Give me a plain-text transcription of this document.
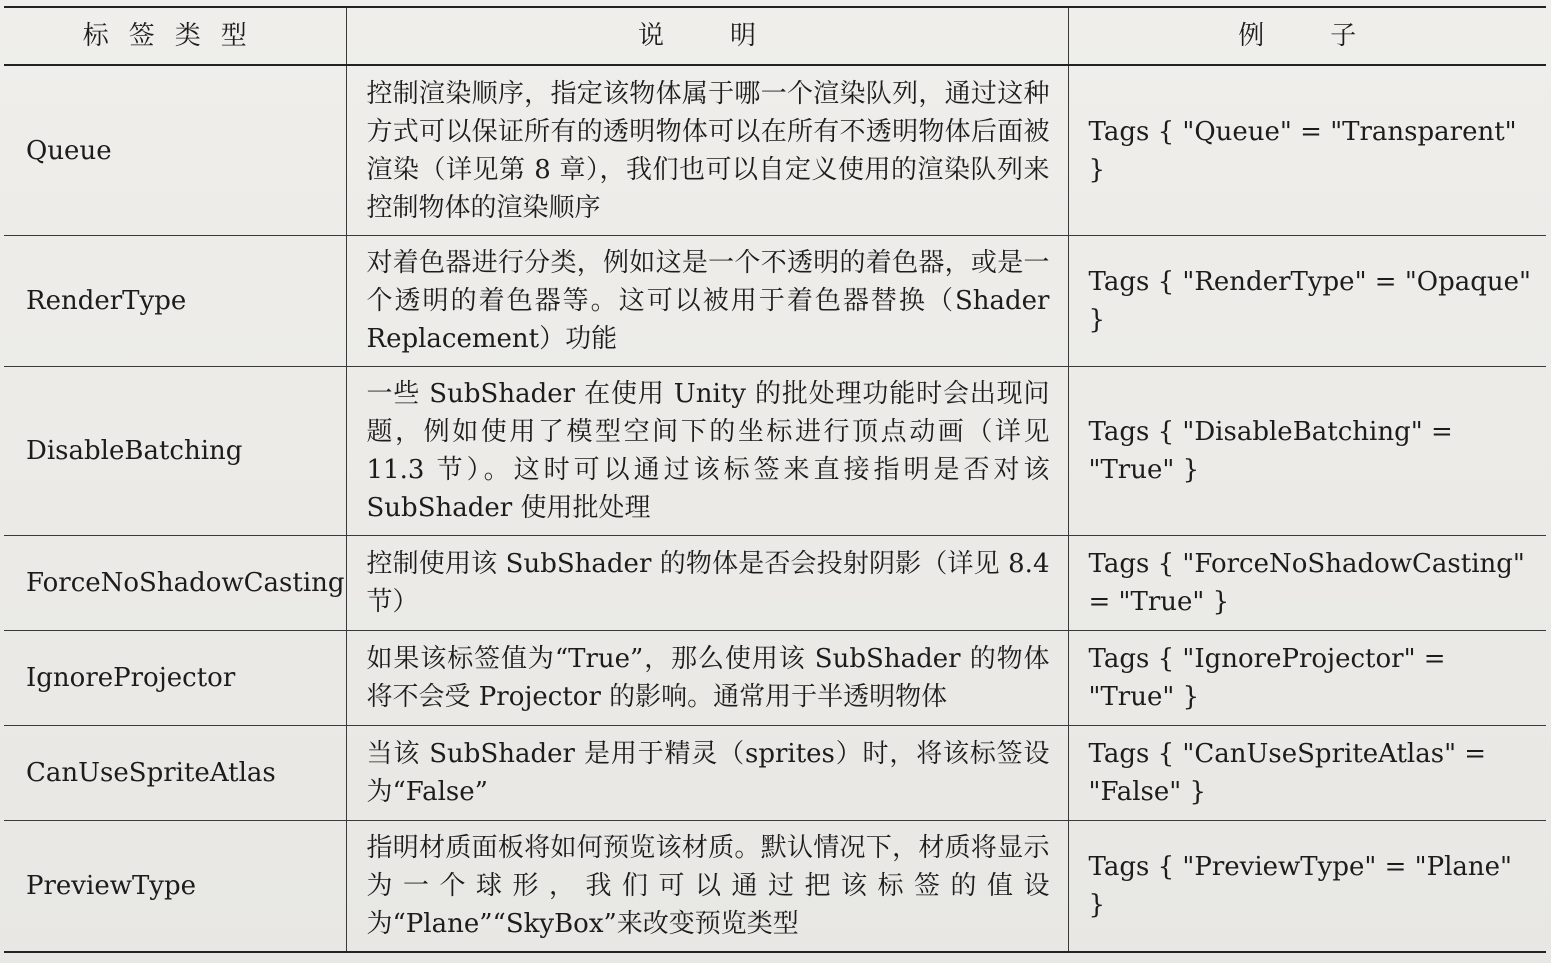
标签类型	说　明	例　子
Queue	控制渲染顺序，指定该物体属于哪一个渲染队列，通过这种方式可以保证所有的透明物体可以在所有不透明物体后面被渲染（详见第 8 章），我们也可以自定义使用的渲染队列来控制物体的渲染顺序	Tags { "Queue" = "Transparent" }
RenderType	对着色器进行分类，例如这是一个不透明的着色器，或是一个透明的着色器等。这可以被用于着色器替换（Shader Replacement）功能	Tags { "RenderType" = "Opaque" }
DisableBatching	一些 SubShader 在使用 Unity 的批处理功能时会出现问题，例如使用了模型空间下的坐标进行顶点动画（详见 11.3 节）。这时可以通过该标签来直接指明是否对该 SubShader 使用批处理	Tags { "DisableBatching" = "True" }
ForceNoShadowCasting	控制使用该 SubShader 的物体是否会投射阴影（详见 8.4 节）	Tags { "ForceNoShadowCasting" = "True" }
IgnoreProjector	如果该标签值为“True”，那么使用该 SubShader 的物体将不会受 Projector 的影响。通常用于半透明物体	Tags { "IgnoreProjector" = "True" }
CanUseSpriteAtlas	当该 SubShader 是用于精灵（sprites）时，将该标签设为“False”	Tags { "CanUseSpriteAtlas" = "False" }
PreviewType	指明材质面板将如何预览该材质。默认情况下，材质将显示为一个球形，我们可以通过把该标签的值设为“Plane”“SkyBox”来改变预览类型	Tags { "PreviewType" = "Plane" }
